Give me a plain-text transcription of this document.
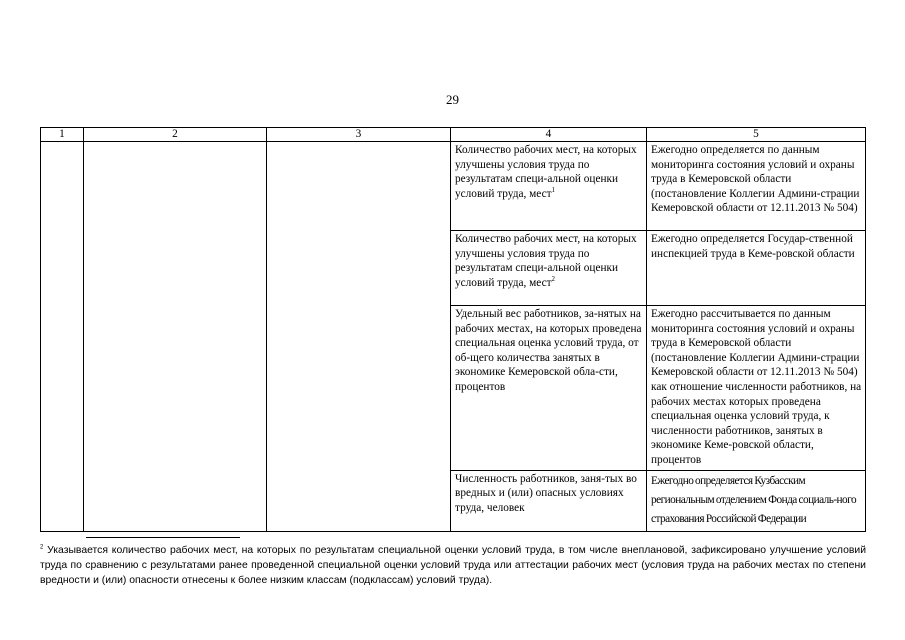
29
1	2	3	4	5
			Количество рабочих мест, на которых улучшены условия труда по результатам специ-альной оценки условий труда, мест$^1$	Ежегодно определяется по данным мониторинга состояния условий и охраны труда в Кемеровской области (постановление Коллегии Админи-страции Кемеровской области от 12.11.2013 № 504)
			Количество рабочих мест, на которых улучшены условия труда по результатам специ-альной оценки условий труда, мест$^2$	Ежегодно определяется Государ-ственной инспекцией труда в Кеме-ровской области
			Удельный вес работников, за-нятых на рабочих местах, на которых проведена специальная оценка условий труда, от об-щего количества занятых в экономике Кемеровской обла-сти, процентов	Ежегодно рассчитывается по данным мониторинга состояния условий и охраны труда в Кемеровской области (постановление Коллегии Админи-страции Кемеровской области от 12.11.2013 № 504) как отношение численности работников, на рабочих местах которых проведена специальная оценка условий труда, к численности работников, занятых в экономике Кеме-ровской области, процентов
			Численность работников, заня-тых во вредных и (или) опасных условиях труда, человек	Ежегодно определяется Кузбасским региональным отделением Фонда социаль-ного страхования Российской Федерации
$^2$ Указывается количество рабочих мест, на которых по результатам специальной оценки условий труда, в том числе внеплановой, зафиксировано улучшение условий труда по сравнению с результатами ранее проведенной специальной оценки условий труда или аттестации рабочих мест (условия труда на рабочих местах по степени вредности и (или) опасности отнесены к более низким классам (подклассам) условий труда).
